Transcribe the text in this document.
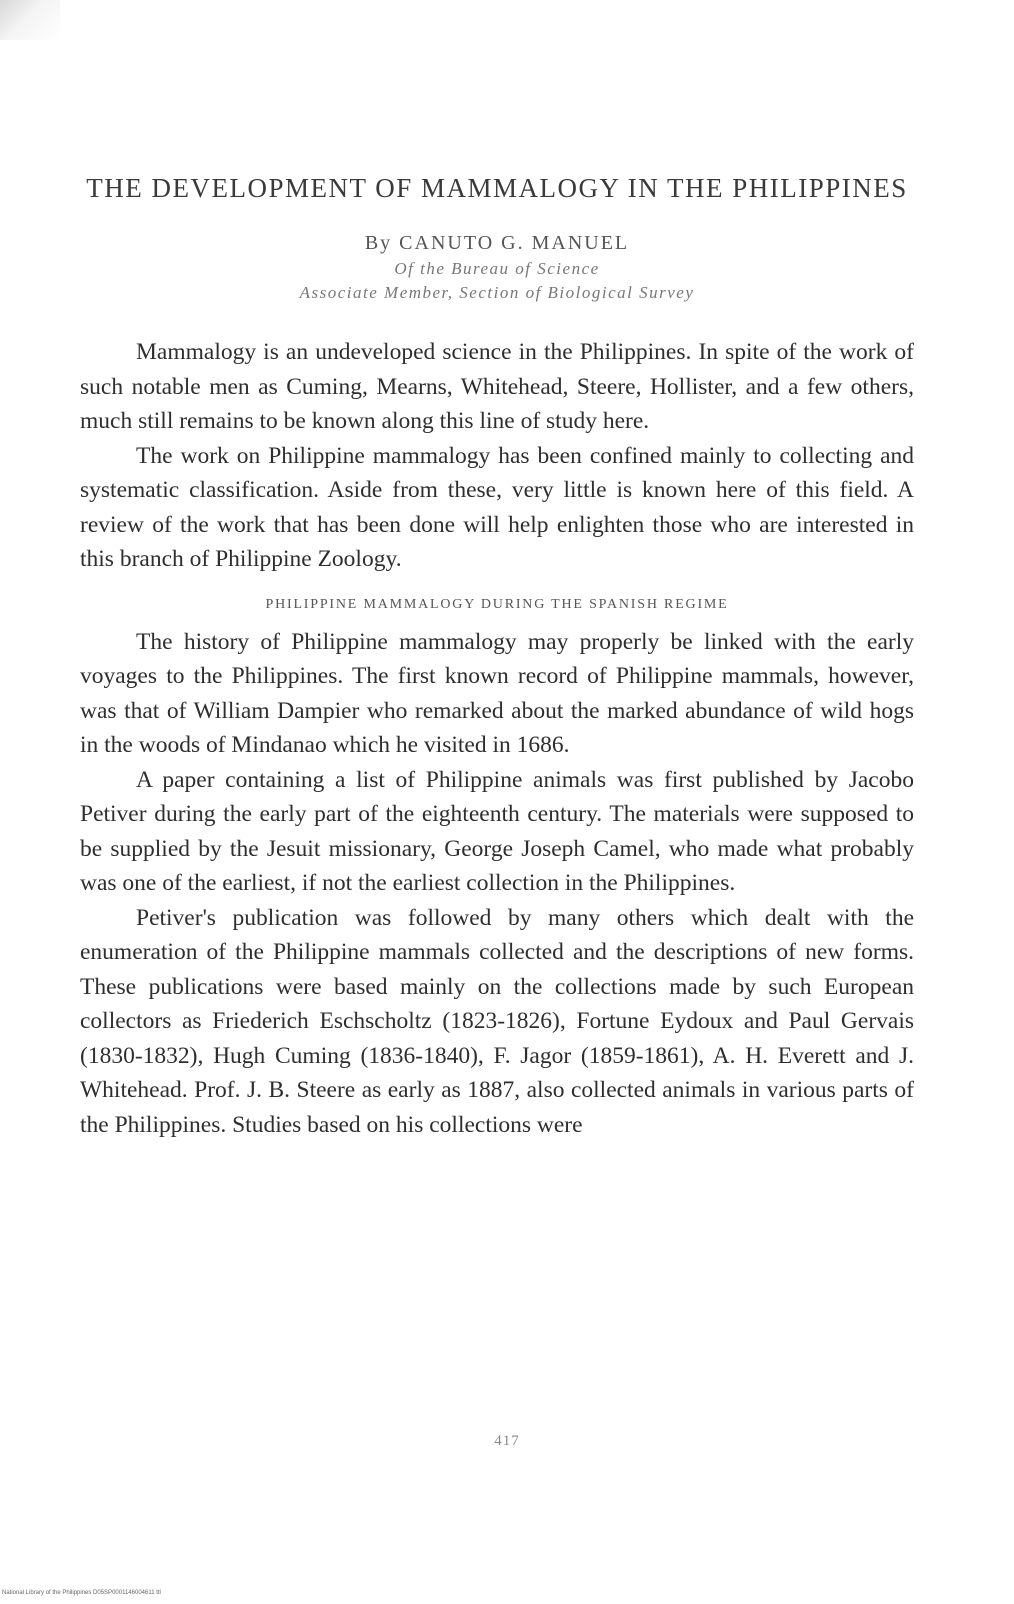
THE DEVELOPMENT OF MAMMALOGY IN THE PHILIPPINES
By CANUTO G. MANUEL
Of the Bureau of Science
Associate Member, Section of Biological Survey

Mammalogy is an undeveloped science in the Philippines. In spite of the work of such notable men as Cuming, Mearns, Whitehead, Steere, Hollister, and a few others, much still remains to be known along this line of study here.

The work on Philippine mammalogy has been confined mainly to collecting and systematic classification. Aside from these, very little is known here of this field. A review of the work that has been done will help enlighten those who are interested in this branch of Philippine Zoology.

PHILIPPINE MAMMALOGY DURING THE SPANISH REGIME

The history of Philippine mammalogy may properly be linked with the early voyages to the Philippines. The first known record of Philippine mammals, however, was that of William Dampier who remarked about the marked abundance of wild hogs in the woods of Mindanao which he visited in 1686.

A paper containing a list of Philippine animals was first published by Jacobo Petiver during the early part of the eighteenth century. The materials were supposed to be supplied by the Jesuit missionary, George Joseph Camel, who made what probably was one of the earliest, if not the earliest collection in the Philippines.

Petiver's publication was followed by many others which dealt with the enumeration of the Philippine mammals collected and the descriptions of new forms. These publications were based mainly on the collections made by such European collectors as Friederich Eschscholtz (1823-1826), Fortune Eydoux and Paul Gervais (1830-1832), Hugh Cuming (1836-1840), F. Jagor (1859-1861), A. H. Everett and J. Whitehead. Prof. J. B. Steere as early as 1887, also collected animals in various parts of the Philippines. Studies based on his collections were

417
National Library of the Philippines D05SP0001146004611 ttl
